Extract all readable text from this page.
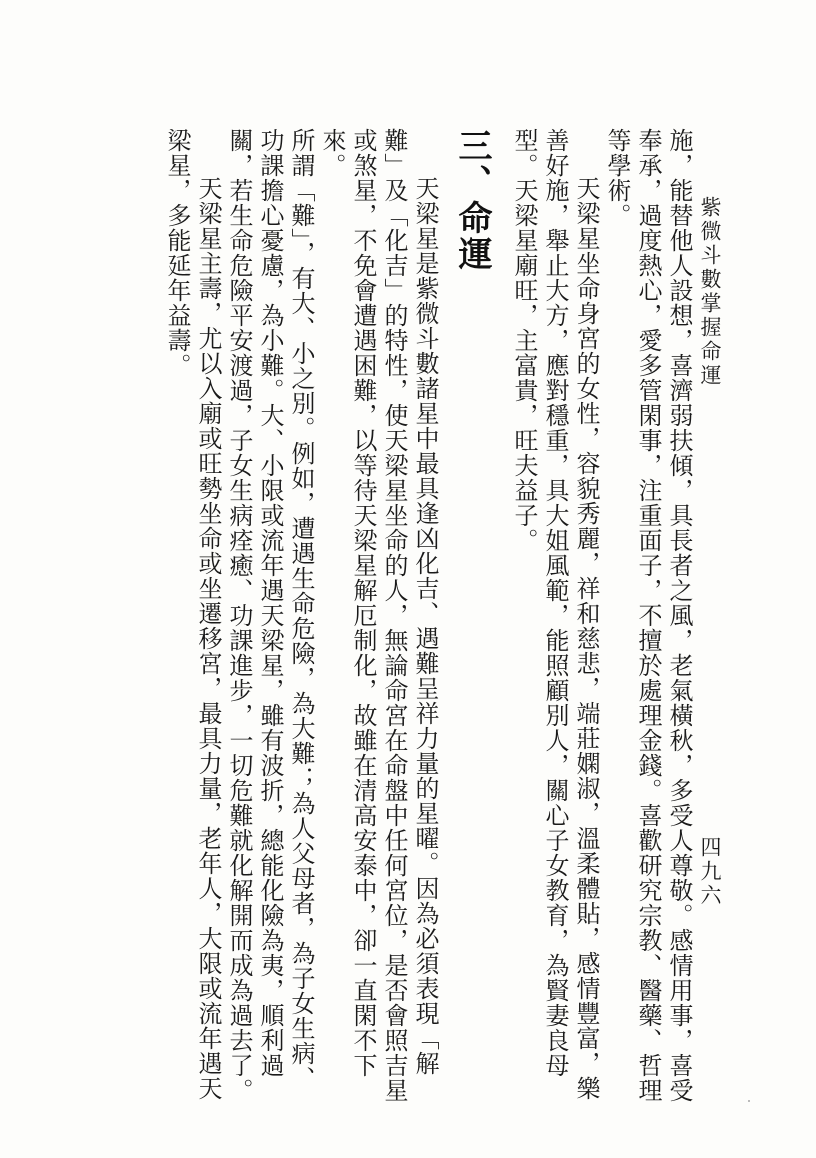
紫微斗數掌握命運
四九六

施，能替他人設想，喜濟弱扶傾，具長者之風，老氣橫秋，多受人尊敬。感情用事，喜受奉承，過度熱心，愛多管閑事，注重面子，不擅於處理金錢。喜歡研究宗教、醫藥、哲理等學術。

天梁星坐命身宮的女性，容貌秀麗，祥和慈悲，端莊嫻淑，溫柔體貼，感情豐富，樂善好施，舉止大方，應對穩重，具大姐風範，能照顧別人，關心子女教育，為賢妻良母型。天梁星廟旺，主富貴，旺夫益子。

三、命運

天梁星是紫微斗數諸星中最具逢凶化吉、遇難呈祥力量的星曜。因為必須表現「解難」及「化吉」的特性，使天梁星坐命的人，無論命宮在命盤中任何宮位，是否會照吉星或煞星，不免會遭遇困難，以等待天梁星解厄制化，故雖在清高安泰中，卻一直閑不下來。

所謂「難」，有大、小之別。例如，遭遇生命危險，為大難；為人父母者，為子女生病、功課擔心憂慮，為小難。大、小限或流年遇天梁星，雖有波折，總能化險為夷，順利過關，若生命危險平安渡過，子女生病痊癒、功課進步，一切危難就化解開而成為過去了。

天梁星主壽，尤以入廟或旺勢坐命或坐遷移宮，最具力量，老年人，大限或流年遇天梁星，多能延年益壽。
